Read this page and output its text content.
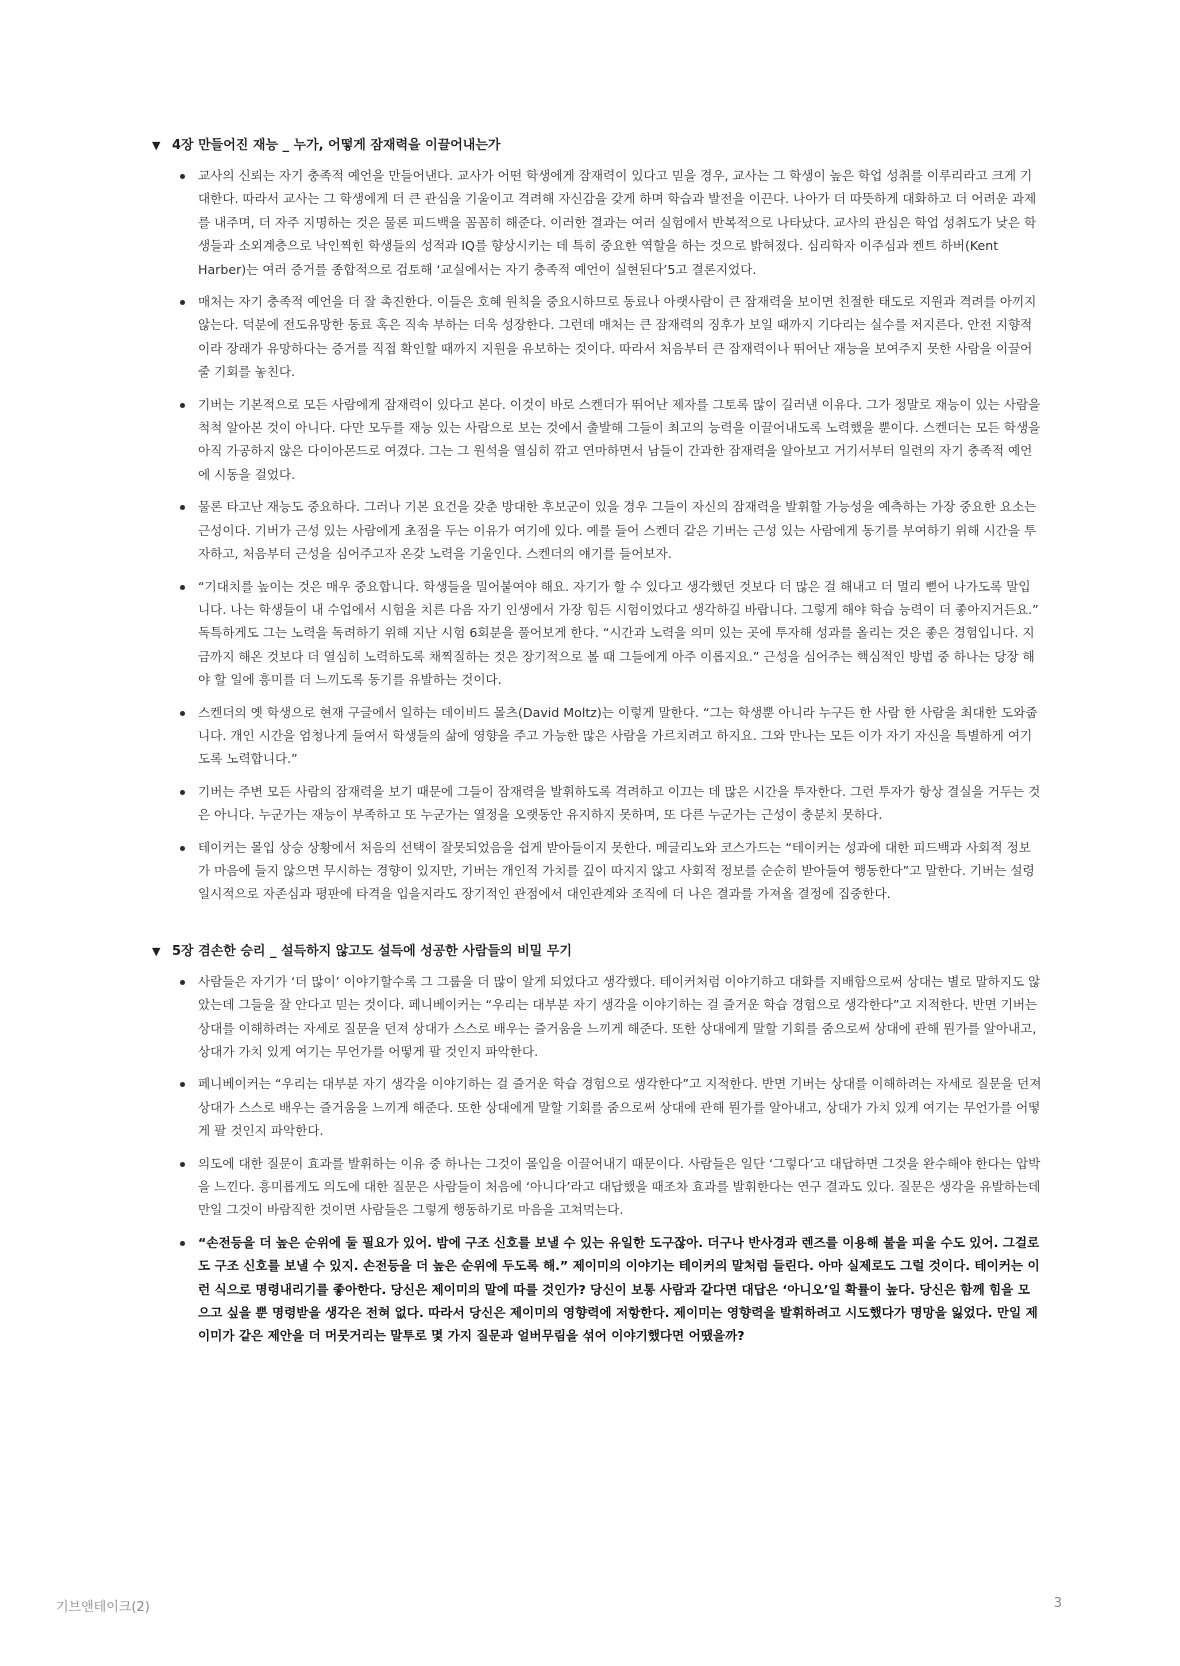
▼ 4장 만들어진 재능 _ 누가, 어떻게 잠재력을 이끌어내는가
교사의 신뢰는 자기 충족적 예언을 만들어낸다. 교사가 어떤 학생에게 잠재력이 있다고 믿을 경우, 교사는 그 학생이 높은 학업 성취를 이루리라고 크게 기대한다. 따라서 교사는 그 학생에게 더 큰 관심을 기울이고 격려해 자신감을 갖게 하며 학습과 발전을 이끈다. 나아가 더 따뜻하게 대화하고 더 어려운 과제를 내주며, 더 자주 지명하는 것은 물론 피드백을 꼼꼼히 해준다. 이러한 결과는 여러 실험에서 반복적으로 나타났다. 교사의 관심은 학업 성취도가 낮은 학생들과 소외계층으로 낙인찍힌 학생들의 성적과 IQ를 향상시키는 데 특히 중요한 역할을 하는 것으로 밝혀졌다. 심리학자 이주심과 켄트 하버(Kent Harber)는 여러 증거를 종합적으로 검토해 ‘교실에서는 자기 충족적 예언이 실현된다’5고 결론지었다.
매처는 자기 충족적 예언을 더 잘 촉진한다. 이들은 호혜 원칙을 중요시하므로 동료나 아랫사람이 큰 잠재력을 보이면 친절한 태도로 지원과 격려를 아끼지 않는다. 덕분에 전도유망한 동료 혹은 직속 부하는 더욱 성장한다. 그런데 매처는 큰 잠재력의 징후가 보일 때까지 기다리는 실수를 저지른다. 안전 지향적이라 장래가 유망하다는 증거를 직접 확인할 때까지 지원을 유보하는 것이다. 따라서 처음부터 큰 잠재력이나 뛰어난 재능을 보여주지 못한 사람을 이끌어줄 기회를 놓친다.
기버는 기본적으로 모든 사람에게 잠재력이 있다고 본다. 이것이 바로 스켄더가 뛰어난 제자를 그토록 많이 길러낸 이유다. 그가 정말로 재능이 있는 사람을 척척 알아본 것이 아니다. 다만 모두를 재능 있는 사람으로 보는 것에서 출발해 그들이 최고의 능력을 이끌어내도록 노력했을 뿐이다. 스켄더는 모든 학생을 아직 가공하지 않은 다이아몬드로 여겼다. 그는 그 원석을 열심히 깎고 연마하면서 남들이 간과한 잠재력을 알아보고 거기서부터 일련의 자기 충족적 예언에 시동을 걸었다.
물론 타고난 재능도 중요하다. 그러나 기본 요건을 갖춘 방대한 후보군이 있을 경우 그들이 자신의 잠재력을 발휘할 가능성을 예측하는 가장 중요한 요소는 근성이다. 기버가 근성 있는 사람에게 초점을 두는 이유가 여기에 있다. 예를 들어 스켄더 같은 기버는 근성 있는 사람에게 동기를 부여하기 위해 시간을 투자하고, 처음부터 근성을 심어주고자 온갖 노력을 기울인다. 스켄더의 얘기를 들어보자.
“기대치를 높이는 것은 매우 중요합니다. 학생들을 밀어붙여야 해요. 자기가 할 수 있다고 생각했던 것보다 더 많은 걸 해내고 더 멀리 뻗어 나가도록 말입니다. 나는 학생들이 내 수업에서 시험을 치른 다음 자기 인생에서 가장 힘든 시험이었다고 생각하길 바랍니다. 그렇게 해야 학습 능력이 더 좋아지거든요.” 독특하게도 그는 노력을 독려하기 위해 지난 시험 6회분을 풀어보게 한다. “시간과 노력을 의미 있는 곳에 투자해 성과를 올리는 것은 좋은 경험입니다. 지금까지 해온 것보다 더 열심히 노력하도록 채찍질하는 것은 장기적으로 볼 때 그들에게 아주 이롭지요.” 근성을 심어주는 핵심적인 방법 중 하나는 당장 해야 할 일에 흥미를 더 느끼도록 동기를 유발하는 것이다.
스켄더의 옛 학생으로 현재 구글에서 일하는 데이비드 몰츠(David Moltz)는 이렇게 말한다. “그는 학생뿐 아니라 누구든 한 사람 한 사람을 최대한 도와줍니다. 개인 시간을 엄청나게 들여서 학생들의 삶에 영향을 주고 가능한 많은 사람을 가르치려고 하지요. 그와 만나는 모든 이가 자기 자신을 특별하게 여기도록 노력합니다.”
기버는 주변 모든 사람의 잠재력을 보기 때문에 그들이 잠재력을 발휘하도록 격려하고 이끄는 데 많은 시간을 투자한다. 그런 투자가 항상 결실을 거두는 것은 아니다. 누군가는 재능이 부족하고 또 누군가는 열정을 오랫동안 유지하지 못하며, 또 다른 누군가는 근성이 충분치 못하다.
테이커는 몰입 상승 상황에서 처음의 선택이 잘못되었음을 쉽게 받아들이지 못한다. 메글리노와 코스가드는 “테이커는 성과에 대한 피드백과 사회적 정보가 마음에 들지 않으면 무시하는 경향이 있지만, 기버는 개인적 가치를 깊이 따지지 않고 사회적 정보를 순순히 받아들여 행동한다”고 말한다. 기버는 설령 일시적으로 자존심과 평판에 타격을 입을지라도 장기적인 관점에서 대인관계와 조직에 더 나은 결과를 가져올 결정에 집중한다.
▼ 5장 겸손한 승리 _ 설득하지 않고도 설득에 성공한 사람들의 비밀 무기
사람들은 자기가 ‘더 많이’ 이야기할수록 그 그룹을 더 많이 알게 되었다고 생각했다. 테이커처럼 이야기하고 대화를 지배함으로써 상대는 별로 말하지도 않았는데 그들을 잘 안다고 믿는 것이다. 페니베이커는 “우리는 대부분 자기 생각을 이야기하는 걸 즐거운 학습 경험으로 생각한다”고 지적한다. 반면 기버는 상대를 이해하려는 자세로 질문을 던져 상대가 스스로 배우는 즐거움을 느끼게 해준다. 또한 상대에게 말할 기회를 줌으로써 상대에 관해 뭔가를 알아내고, 상대가 가치 있게 여기는 무언가를 어떻게 팔 것인지 파악한다.
페니베이커는 “우리는 대부분 자기 생각을 이야기하는 걸 즐거운 학습 경험으로 생각한다”고 지적한다. 반면 기버는 상대를 이해하려는 자세로 질문을 던져 상대가 스스로 배우는 즐거움을 느끼게 해준다. 또한 상대에게 말할 기회를 줌으로써 상대에 관해 뭔가를 알아내고, 상대가 가치 있게 여기는 무언가를 어떻게 팔 것인지 파악한다.
의도에 대한 질문이 효과를 발휘하는 이유 중 하나는 그것이 몰입을 이끌어내기 때문이다. 사람들은 일단 ‘그렇다’고 대답하면 그것을 완수해야 한다는 압박을 느낀다. 흥미롭게도 의도에 대한 질문은 사람들이 처음에 ‘아니다’라고 대답했을 때조차 효과를 발휘한다는 연구 결과도 있다. 질문은 생각을 유발하는데 만일 그것이 바람직한 것이면 사람들은 그렇게 행동하기로 마음을 고쳐먹는다.
“손전등을 더 높은 순위에 둘 필요가 있어. 밤에 구조 신호를 보낼 수 있는 유일한 도구잖아. 더구나 반사경과 렌즈를 이용해 불을 피울 수도 있어. 그걸로도 구조 신호를 보낼 수 있지. 손전등을 더 높은 순위에 두도록 해.” 제이미의 이야기는 테이커의 말처럼 들린다. 아마 실제로도 그럴 것이다. 테이커는 이런 식으로 명령내리기를 좋아한다. 당신은 제이미의 말에 따를 것인가? 당신이 보통 사람과 같다면 대답은 ‘아니오’일 확률이 높다. 당신은 함께 힘을 모으고 싶을 뿐 명령받을 생각은 전혀 없다. 따라서 당신은 제이미의 영향력에 저항한다. 제이미는 영향력을 발휘하려고 시도했다가 명망을 잃었다. 만일 제이미가 같은 제안을 더 머뭇거리는 말투로 몇 가지 질문과 얼버무림을 섞어 이야기했다면 어땠을까?
기브앤테이크(2)	3
